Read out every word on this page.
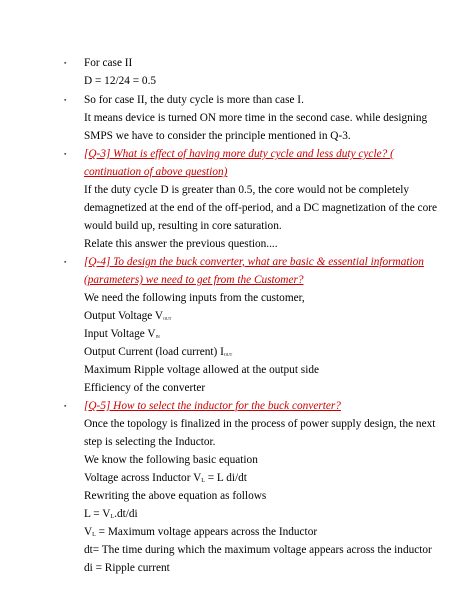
▪	For case II
D = 12/24 = 0.5
▪	So for case II, the duty cycle is more than case I.
It means device is turned ON more time in the second case. while designing
SMPS we have to consider the principle mentioned in Q-3.
▪	[Q-3] What is effect of having more duty cycle and less duty cycle? (
continuation of above question)
If the duty cycle D is greater than 0.5, the core would not be completely
demagnetized at the end of the off-period, and a DC magnetization of the core
would build up, resulting in core saturation.
Relate this answer the previous question....
▪	[Q-4] To design the buck converter, what are basic & essential information
(parameters) we need to get from the Customer?
We need the following inputs from the customer,
Output Voltage $V_{OUT}$
Input Voltage $V_{IN}$
Output Current (load current) $I_{OUT}$
Maximum Ripple voltage allowed at the output side
Efficiency of the converter
▪	[Q-5] How to select the inductor for the buck converter?
Once the topology is finalized in the process of power supply design, the next
step is selecting the Inductor.
We know the following basic equation
Voltage across Inductor VL = L di/dt
Rewriting the above equation as follows
L = VL.dt/di
VL = Maximum voltage appears across the Inductor
dt= The time during which the maximum voltage appears across the inductor
di = Ripple current
